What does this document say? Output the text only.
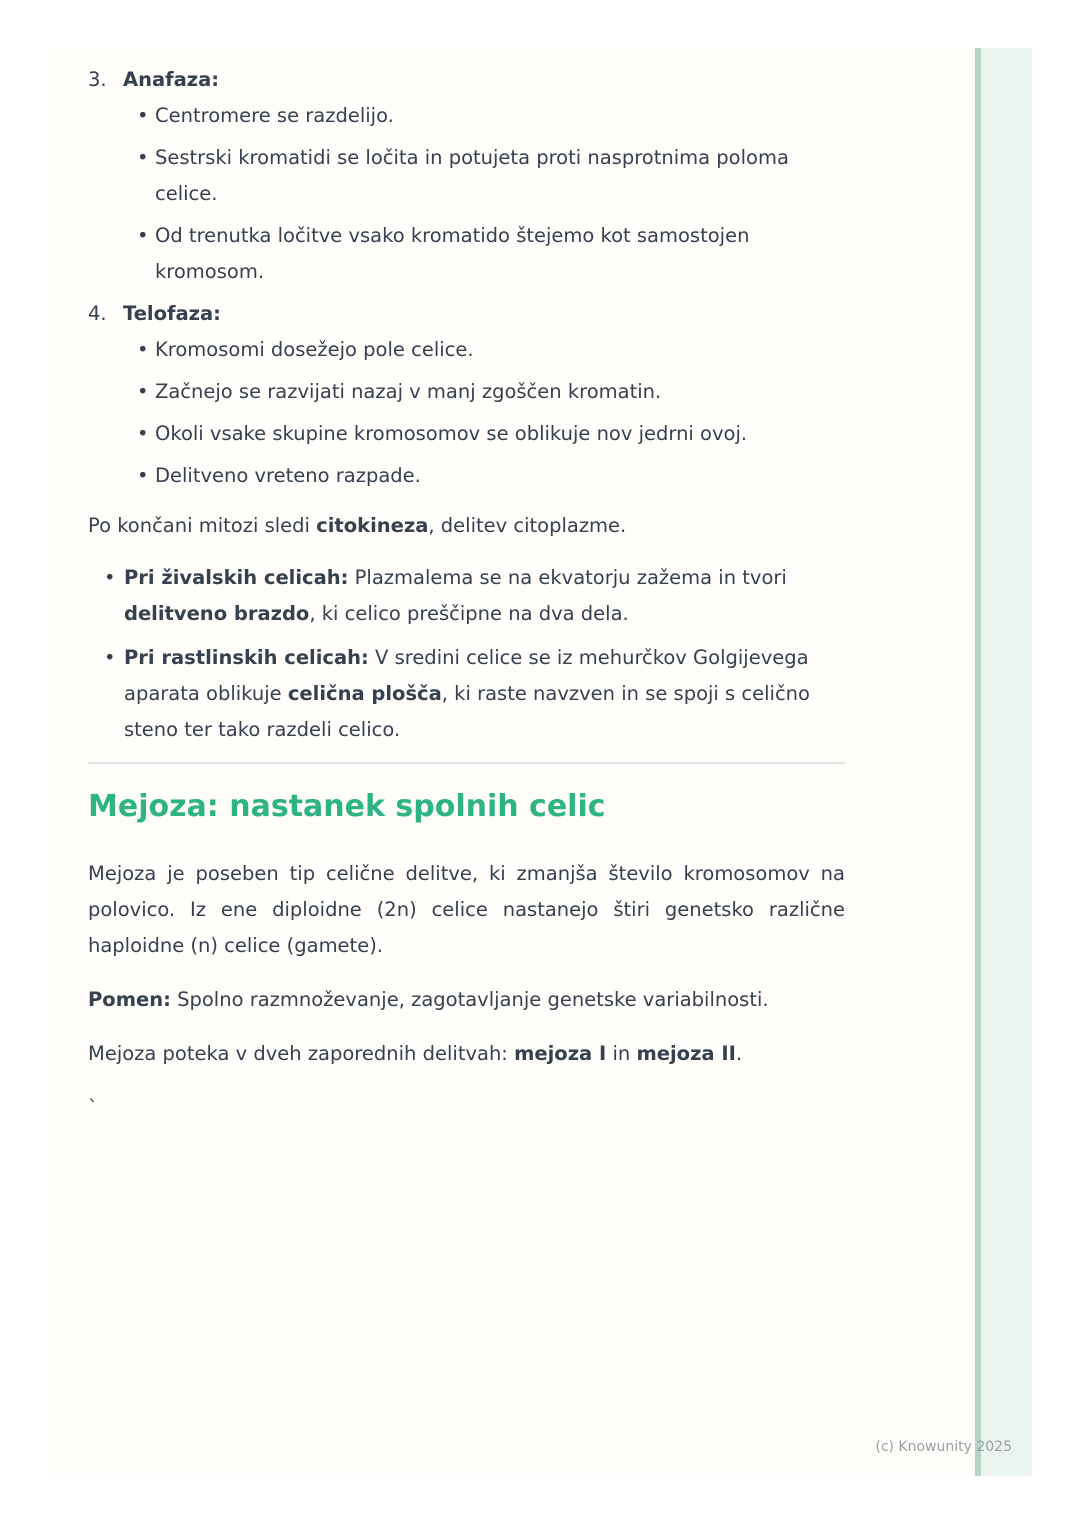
3. Anafaza:
• Centromere se razdelijo.
• Sestrski kromatidi se ločita in potujeta proti nasprotnima poloma celice.
• Od trenutka ločitve vsako kromatido štejemo kot samostojen kromosom.
4. Telofaza:
• Kromosomi dosežejo pole celice.
• Začnejo se razvijati nazaj v manj zgoščen kromatin.
• Okoli vsake skupine kromosomov se oblikuje nov jedrni ovoj.
• Delitveno vreteno razpade.
Po končani mitozi sledi citokineza, delitev citoplazme.
• Pri živalskih celicah: Plazmalema se na ekvatorju zažema in tvori delitveno brazdo, ki celico preščipne na dva dela.
• Pri rastlinskih celicah: V sredini celice se iz mehurčkov Golgijevega aparata oblikuje celična plošča, ki raste navzven in se spoji s celično steno ter tako razdeli celico.
Mejoza: nastanek spolnih celic
Mejoza je poseben tip celične delitve, ki zmanjša število kromosomov na polovico. Iz ene diploidne (2n) celice nastanejo štiri genetsko različne haploidne (n) celice (gamete).
Pomen: Spolno razmnoževanje, zagotavljanje genetske variabilnosti.
Mejoza poteka v dveh zaporednih delitvah: mejoza I in mejoza II.
`
(c) Knowunity 2025
